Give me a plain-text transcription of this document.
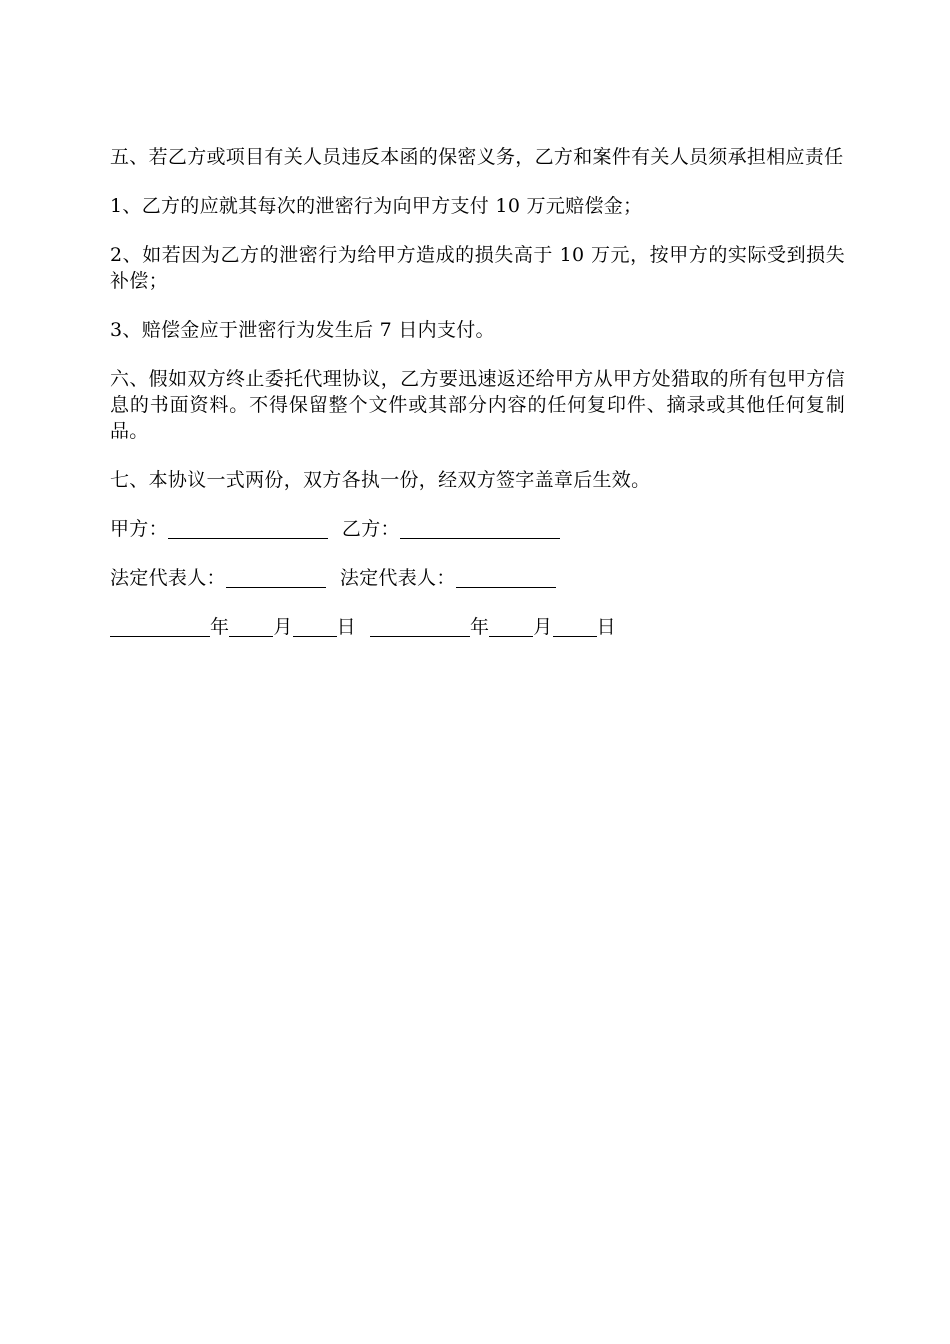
五、若乙方或项目有关人员违反本函的保密义务，乙方和案件有关人员须承担相应责任

1、乙方的应就其每次的泄密行为向甲方支付 10 万元赔偿金；

2、如若因为乙方的泄密行为给甲方造成的损失高于 10 万元，按甲方的实际受到损失补偿；

3、赔偿金应于泄密行为发生后 7 日内支付。

六、假如双方终止委托代理协议，乙方要迅速返还给甲方从甲方处猎取的所有包甲方信息的书面资料。不得保留整个文件或其部分内容的任何复印件、摘录或其他任何复制品。

七、本协议一式两份，双方各执一份，经双方签字盖章后生效。

甲方：	乙方：
法定代表人：	法定代表人：
年 月 日	年 月 日
